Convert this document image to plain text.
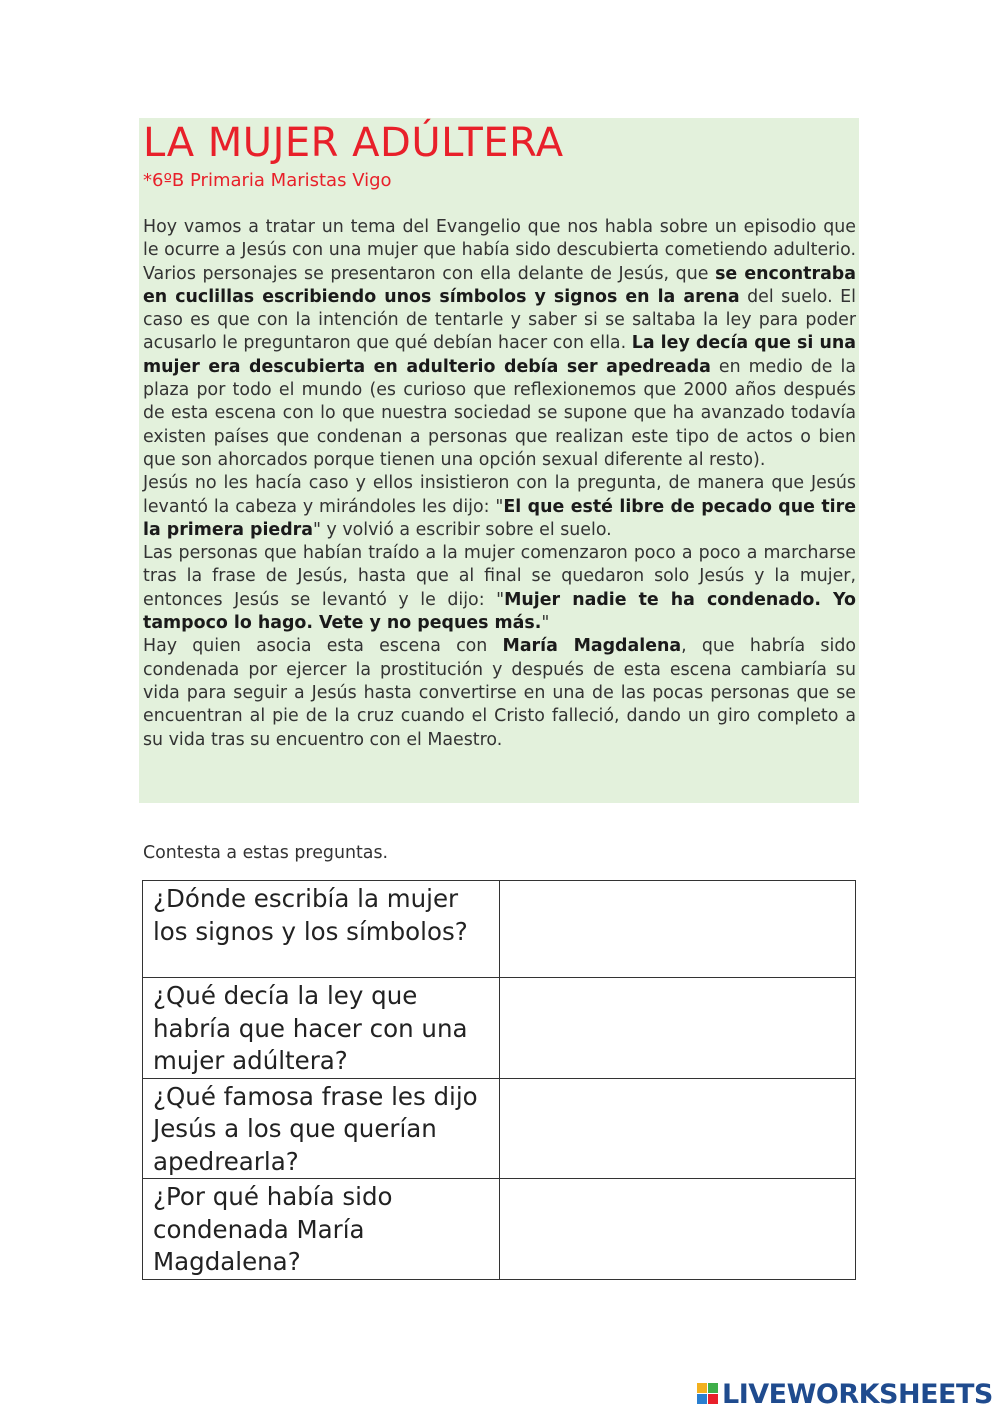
LA MUJER ADÚLTERA
*6ºB Primaria Maristas Vigo

Hoy vamos a tratar un tema del Evangelio que nos habla sobre un episodio que le ocurre a Jesús con una mujer que había sido descubierta cometiendo adulterio. Varios personajes se presentaron con ella delante de Jesús, que se encontraba en cuclillas escribiendo unos símbolos y signos en la arena del suelo. El caso es que con la intención de tentarle y saber si se saltaba la ley para poder acusarlo le preguntaron que qué debían hacer con ella. La ley decía que si una mujer era descubierta en adulterio debía ser apedreada en medio de la plaza por todo el mundo (es curioso que reflexionemos que 2000 años después de esta escena con lo que nuestra sociedad se supone que ha avanzado todavía existen países que condenan a personas que realizan este tipo de actos o bien que son ahorcados porque tienen una opción sexual diferente al resto).

Jesús no les hacía caso y ellos insistieron con la pregunta, de manera que Jesús levantó la cabeza y mirándoles les dijo: "El que esté libre de pecado que tire la primera piedra" y volvió a escribir sobre el suelo.

Las personas que habían traído a la mujer comenzaron poco a poco a marcharse tras la frase de Jesús, hasta que al final se quedaron solo Jesús y la mujer, entonces Jesús se levantó y le dijo: "Mujer nadie te ha condenado. Yo tampoco lo hago. Vete y no peques más."

Hay quien asocia esta escena con María Magdalena, que habría sido condenada por ejercer la prostitución y después de esta escena cambiaría su vida para seguir a Jesús hasta convertirse en una de las pocas personas que se encuentran al pie de la cruz cuando el Cristo falleció, dando un giro completo a su vida tras su encuentro con el Maestro.

Contesta a estas preguntas.
¿Dónde escribía la mujer los signos y los símbolos?	
¿Qué decía la ley que habría que hacer con una mujer adúltera?	
¿Qué famosa frase les dijo Jesús a los que querían apedrearla?	
¿Por qué había sido condenada María Magdalena?	
LIVEWORKSHEETS
